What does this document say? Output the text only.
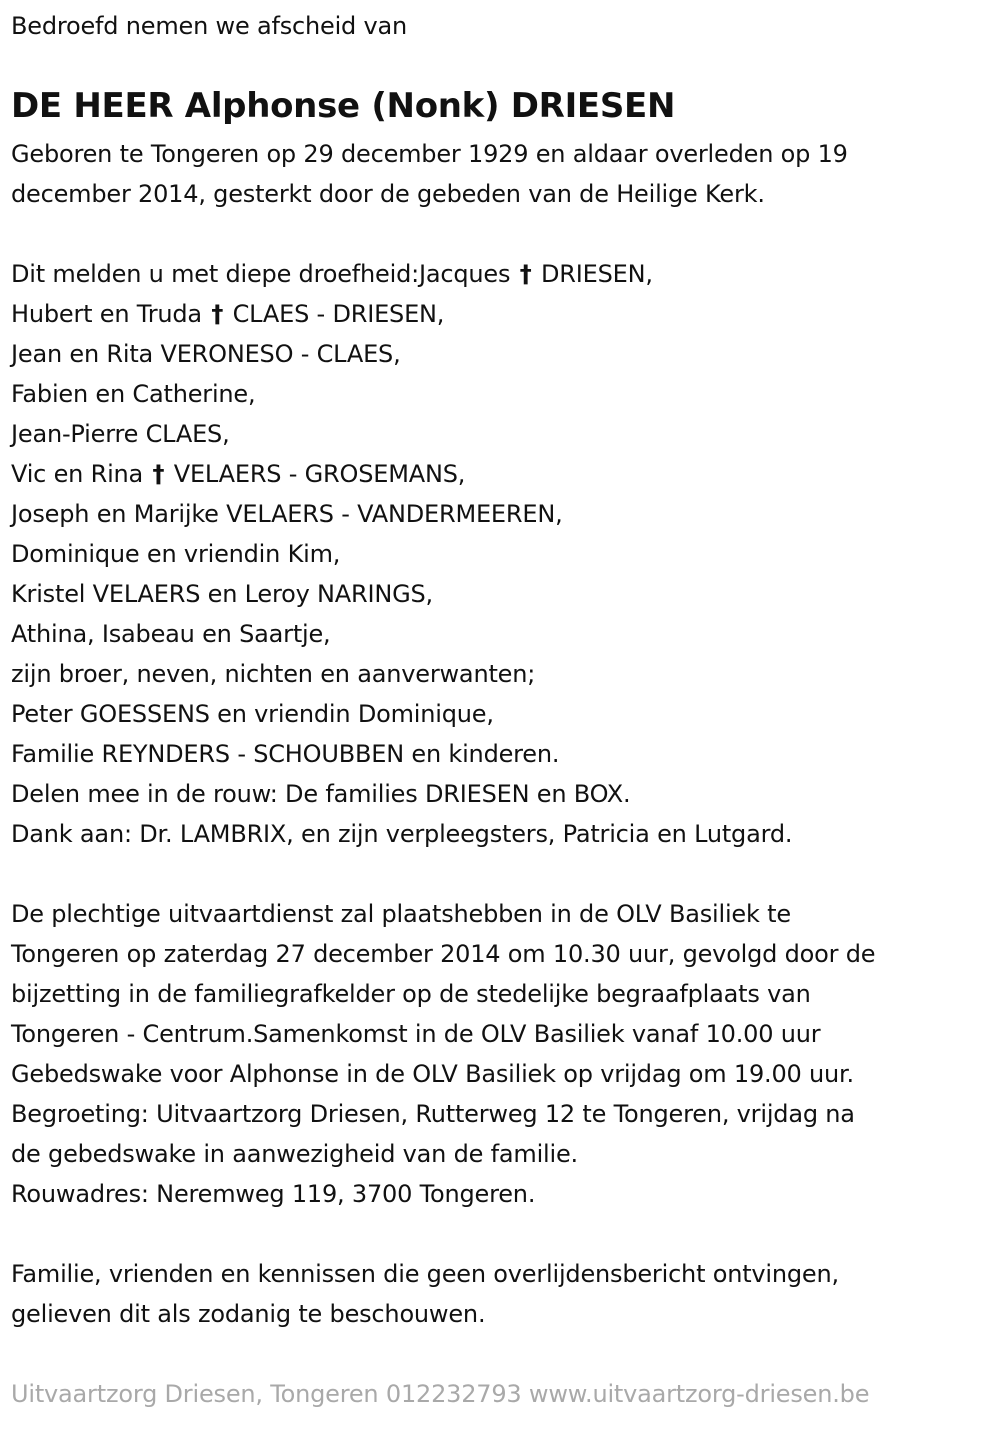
Bedroefd nemen we afscheid van
DE HEER Alphonse (Nonk) DRIESEN
Geboren te Tongeren op 29 december 1929 en aldaar overleden op 19
december 2014, gesterkt door de gebeden van de Heilige Kerk.
Dit melden u met diepe droefheid:Jacques † DRIESEN,
Hubert en Truda † CLAES - DRIESEN,
Jean en Rita VERONESO - CLAES,
Fabien en Catherine,
Jean-Pierre CLAES,
Vic en Rina † VELAERS - GROSEMANS,
Joseph en Marijke VELAERS - VANDERMEEREN,
Dominique en vriendin Kim,
Kristel VELAERS en Leroy NARINGS,
Athina, Isabeau en Saartje,
zijn broer, neven, nichten en aanverwanten;
Peter GOESSENS en vriendin Dominique,
Familie REYNDERS - SCHOUBBEN en kinderen.
Delen mee in de rouw: De families DRIESEN en BOX.
Dank aan: Dr. LAMBRIX, en zijn verpleegsters, Patricia en Lutgard.
De plechtige uitvaartdienst zal plaatshebben in de OLV Basiliek te
Tongeren op zaterdag 27 december 2014 om 10.30 uur, gevolgd door de
bijzetting in de familiegrafkelder op de stedelijke begraafplaats van
Tongeren - Centrum.Samenkomst in de OLV Basiliek vanaf 10.00 uur
Gebedswake voor Alphonse in de OLV Basiliek op vrijdag om 19.00 uur.
Begroeting: Uitvaartzorg Driesen, Rutterweg 12 te Tongeren, vrijdag na
de gebedswake in aanwezigheid van de familie.
Rouwadres: Neremweg 119, 3700 Tongeren.
Familie, vrienden en kennissen die geen overlijdensbericht ontvingen,
gelieven dit als zodanig te beschouwen.
Uitvaartzorg Driesen, Tongeren 012232793 www.uitvaartzorg-driesen.be
